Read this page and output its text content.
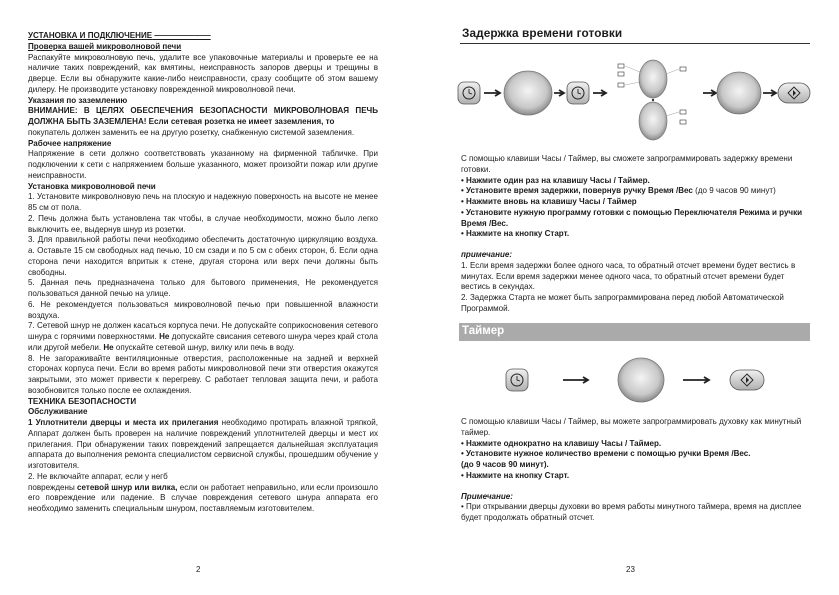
УСТАНОВКА И ПОДКЛЮЧЕНИЕ ———————

Проверка вашей микроволновой печи

Распакуйте микроволновую печь, удалите все упаковочные материалы и проверьте ее на наличие таких повреждений, как вмятины, неисправность запоров дверцы и трещины в дверце. Если вы обнаружите какие-либо неисправности, сразу сообщите об этом вашему дилеру. Не производите установку поврежденной микроволновой печи.

Указания по заземлению

ВНИМАНИЕ: В ЦЕЛЯХ ОБЕСПЕЧЕНИЯ БЕЗОПАСНОСТИ МИКРОВОЛНОВАЯ ПЕЧЬ ДОЛЖНА БЫТЬ ЗАЗЕМЛЕНА! Если сетевая розетка не имеет заземления, то

покупатель должен заменить ее на другую розетку, снабженную системой заземления.

Рабочее напряжение

Напряжение в сети должно соответствовать указанному на фирменной табличке. При подключении к сети с напряжением больше указанного, может произойти пожар или другие неисправности.

Установка микроволновой печи

1. Установите микроволновую печь на плоскую и надежную поверхность на высоте не менее 85 см от пола.

2. Печь должна быть установлена так чтобы, в случае необходимости, можно было легко выключить ее, выдернув шнур из розетки.

3. Для правильной работы печи необходимо обеспечить достаточную циркуляцию воздуха. а. Оставьте 15 см свободных над печью, 10 см сзади и по 5 см с обеих сторон, б. Если одна сторона печи находится впритык к стене, другая сторона или верх печи должны быть свободны.

5. Данная печь предназначена только для бытового применения, Не рекомендуется пользоваться данной печью на улице.

6. Не рекомендуется пользоваться микроволновой печью при повышенной влажности воздуха.

7. Сетевой шнур не должен касаться корпуса печи. Не допускайте соприкосновения сетевого шнура с горячими поверхностями. Не допускайте свисания сетевого шнура через край стола или другой мебели. Не опускайте сетевой шнур, вилку или печь в воду.

8. Не загораживайте вентиляционные отверстия, расположенные на задней и верхней сторонах корпуса печи. Если во время работы микроволновой печи эти отверстия окажутся закрытыми, это может привести к перегреву. С работает тепловая защита печи, и работа возобновится только после ее охлаждения.

ТЕХНИКА БЕЗОПАСНОСТИ

Обслуживание

1 Уплотнители дверцы и места их прилегания необходимо протирать влажной тряпкой, Аппарат должен быть проверен на наличие повреждений уплотнителей дверцы и мест их прилегания. При обнаружении таких повреждений запрещается дальнейшая эксплуатация аппарата до выполнения ремонта специалистом сервисной службы, прошедшим обучение у изготовителя.

2. Не включайте аппарат, если у негб

повреждены сетевой шнур или вилка, если он работает неправильно, или если произошло его повреждение или падение. В случае повреждения сетевого шнура аппарата его необходимо заменить специальным шнуром, поставляемым изготовителем.

2
Задержка времени готовки

С помощью клавиши Часы / Таймер, вы сможете запрограммировать задержку времени готовки.

• Нажмите один раз на клавишу Часы / Таймер.

• Установите время задержки, повернув ручку Время /Вес (до 9 часов 90 минут)

• Нажмите вновь на клавишу Часы / Таймер

• Установите нужную программу готовки с помощью Переключателя Режима и ручки Время /Вес.

• Нажмите на кнопку Старт.

примечание:

1. Если время задержки более одного часа, то обратный отсчет времени будет вестись в минутах. Если время задержки менее одного часа, то обратный отсчет времени будет вестись в секундах.

2. Задержка Старта не может быть запрограммирована перед любой Автоматической Программой.

Таймер

С помощью клавиши Часы / Таймер, вы можете запрограммировать духовку как минутный таймер.

• Нажмите однократно на клавишу Часы / Таймер.

• Установите нужное количество времени с помощью ручки Время /Вес.

(до 9 часов 90 минут).

• Нажмите на кнопку Старт.

Примечание:

• При открывании дверцы духовки во время работы минутного таймера, время на дисплее будет продолжать обратный отсчет.

23
